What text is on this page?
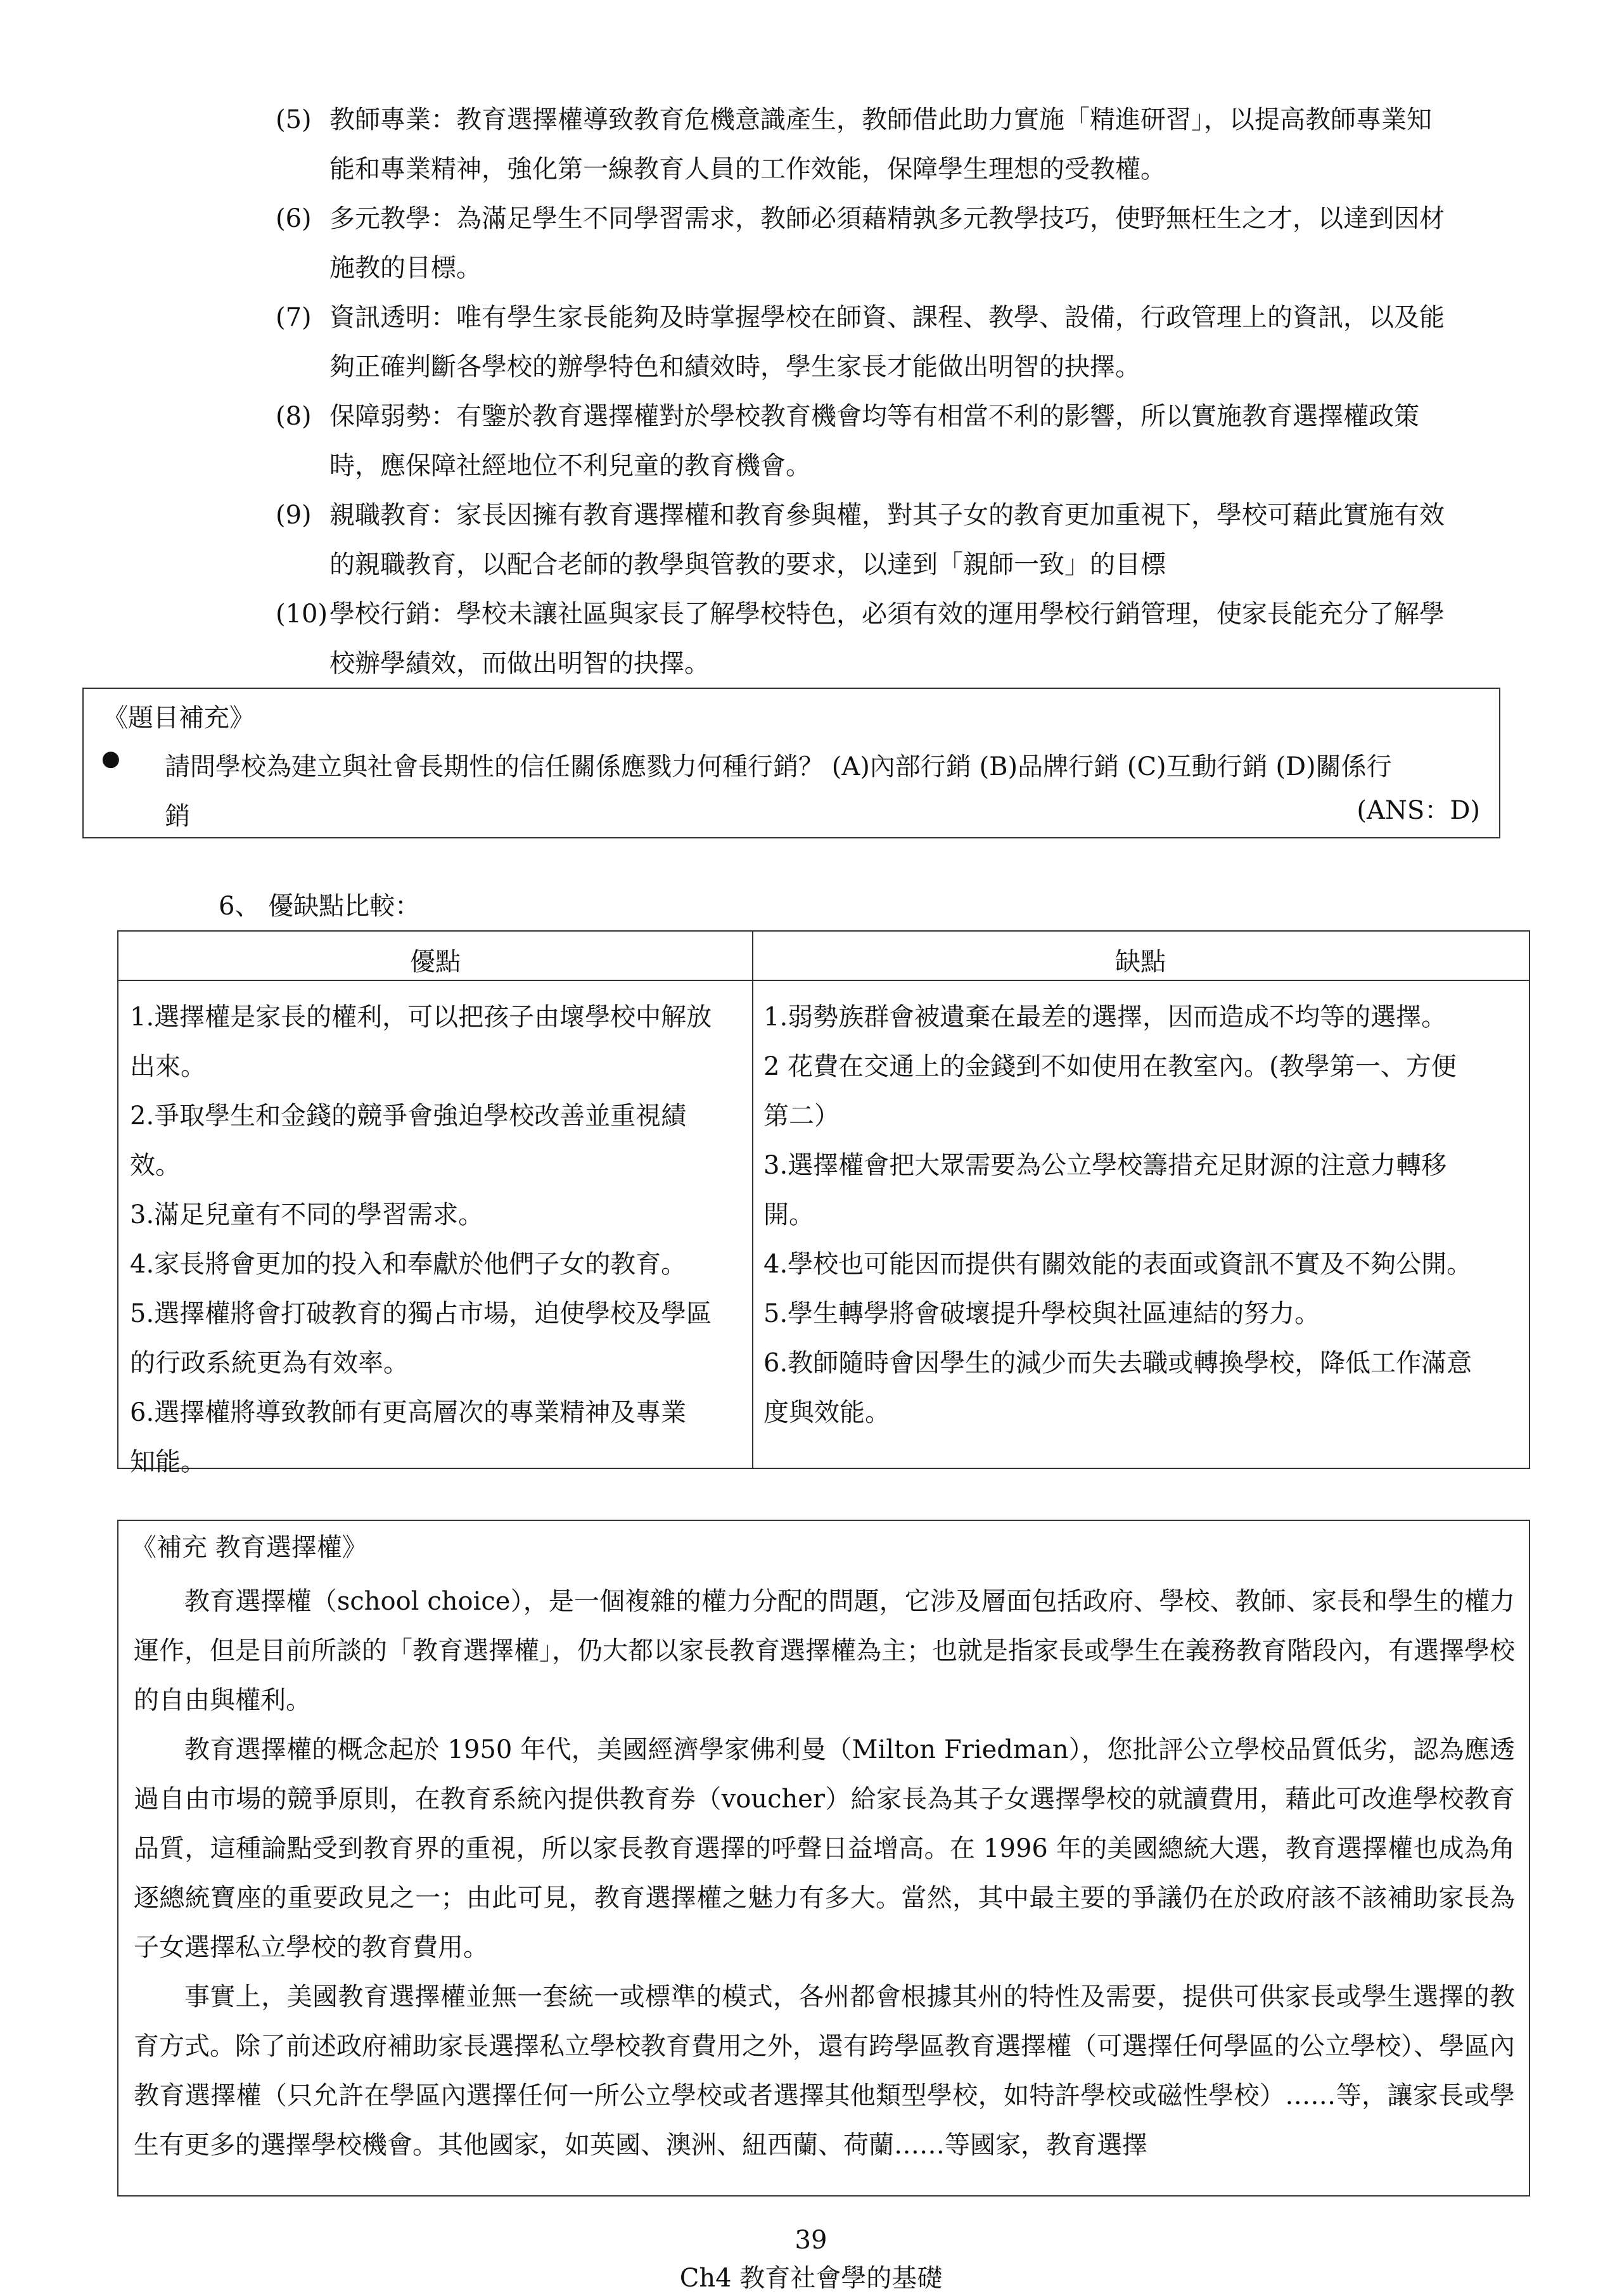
(5) 教師專業：教育選擇權導致教育危機意識產生，教師借此助力實施「精進研習」，以提高教師專業知
能和專業精神，強化第一線教育人員的工作效能，保障學生理想的受教權。
(6) 多元教學：為滿足學生不同學習需求，教師必須藉精孰多元教學技巧，使野無枉生之才，以達到因材
施教的目標。
(7) 資訊透明：唯有學生家長能夠及時掌握學校在師資、課程、教學、設備，行政管理上的資訊，以及能
夠正確判斷各學校的辦學特色和績效時，學生家長才能做出明智的抉擇。
(8) 保障弱勢：有鑒於教育選擇權對於學校教育機會均等有相當不利的影響，所以實施教育選擇權政策
時，應保障社經地位不利兒童的教育機會。
(9) 親職教育：家長因擁有教育選擇權和教育參與權，對其子女的教育更加重視下，學校可藉此實施有效
的親職教育，以配合老師的教學與管教的要求，以達到「親師一致」的目標
(10) 學校行銷：學校未讓社區與家長了解學校特色，必須有效的運用學校行銷管理，使家長能充分了解學
校辦學績效，而做出明智的抉擇。
《題目補充》
● 請問學校為建立與社會長期性的信任關係應戮力何種行銷？ (A)內部行銷 (B)品牌行銷 (C)互動行銷 (D)關係行
銷	(ANS：D)
6、 優缺點比較：
優點	缺點
1.選擇權是家長的權利，可以把孩子由壞學校中解放
出來。
2.爭取學生和金錢的競爭會強迫學校改善並重視績
效。
3.滿足兒童有不同的學習需求。
4.家長將會更加的投入和奉獻於他們子女的教育。
5.選擇權將會打破教育的獨占市場，迫使學校及學區
的行政系統更為有效率。
6.選擇權將導致教師有更高層次的專業精神及專業
知能。
1.弱勢族群會被遺棄在最差的選擇，因而造成不均等的選擇。
2 花費在交通上的金錢到不如使用在教室內。(教學第一、方便
第二）
3.選擇權會把大眾需要為公立學校籌措充足財源的注意力轉移
開。
4.學校也可能因而提供有關效能的表面或資訊不實及不夠公開。
5.學生轉學將會破壞提升學校與社區連結的努力。
6.教師隨時會因學生的減少而失去職或轉換學校，降低工作滿意
度與效能。
《補充 教育選擇權》

教育選擇權（school choice），是一個複雜的權力分配的問題，它涉及層面包括政府、學校、教師、家長和學生的權力運作，但是目前所談的「教育選擇權」，仍大都以家長教育選擇權為主；也就是指家長或學生在義務教育階段內，有選擇學校的自由與權利。

教育選擇權的概念起於 1950 年代，美國經濟學家佛利曼（Milton Friedman），您批評公立學校品質低劣，認為應透過自由市場的競爭原則，在教育系統內提供教育券（voucher）給家長為其子女選擇學校的就讀費用，藉此可改進學校教育品質，這種論點受到教育界的重視，所以家長教育選擇的呼聲日益增高。在 1996 年的美國總統大選，教育選擇權也成為角逐總統寶座的重要政見之一；由此可見，教育選擇權之魅力有多大。當然，其中最主要的爭議仍在於政府該不該補助家長為子女選擇私立學校的教育費用。

事實上，美國教育選擇權並無一套統一或標準的模式，各州都會根據其州的特性及需要，提供可供家長或學生選擇的教育方式。除了前述政府補助家長選擇私立學校教育費用之外，還有跨學區教育選擇權（可選擇任何學區的公立學校）、學區內教育選擇權（只允許在學區內選擇任何一所公立學校或者選擇其他類型學校，如特許學校或磁性學校）……等，讓家長或學生有更多的選擇學校機會。其他國家，如英國、澳洲、紐西蘭、荷蘭……等國家，教育選擇

39
Ch4 教育社會學的基礎
